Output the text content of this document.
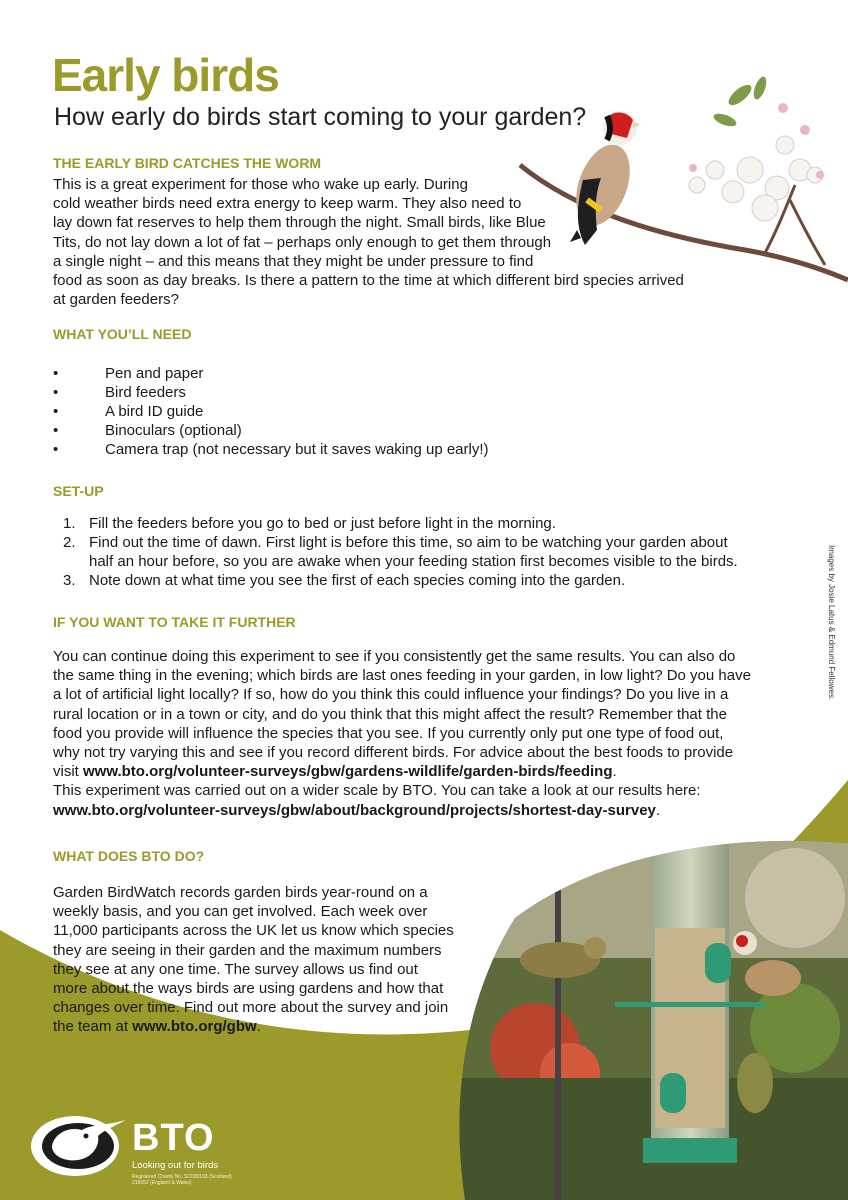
Early birds
How early do birds start coming to your garden?
THE EARLY BIRD CATCHES THE WORM

This is a great experiment for those who wake up early. During
cold weather birds need extra energy to keep warm. They also need to
lay down fat reserves to help them through the night. Small birds, like Blue
Tits, do not lay down a lot of fat – perhaps only enough to get them through
a single night – and this means that they might be under pressure to find
food as soon as day breaks. Is there a pattern to the time at which different bird species arrived
at garden feeders?

WHAT YOU’LL NEED
• Pen and paper
• Bird feeders
• A bird ID guide
• Binoculars (optional)
• Camera trap (not necessary but it saves waking up early!)
SET-UP
1. Fill the feeders before you go to bed or just before light in the morning.
2. Find out the time of dawn. First light is before this time, so aim to be watching your garden about half an hour before, so you are awake when your feeding station first becomes visible to the birds.
3. Note down at what time you see the first of each species coming into the garden.
IF YOU WANT TO TAKE IT FURTHER

You can continue doing this experiment to see if you consistently get the same results. You can also do
the same thing in the evening; which birds are last ones feeding in your garden, in low light? Do you have
a lot of artificial light locally? If so, how do you think this could influence your findings? Do you live in a
rural location or in a town or city, and do you think that this might affect the result? Remember that the
food you provide will influence the species that you see. If you currently only put one type of food out,
why not try varying this and see if you record different birds. For advice about the best foods to provide
visit www.bto.org/volunteer-surveys/gbw/gardens-wildlife/garden-birds/feeding.
This experiment was carried out on a wider scale by BTO. You can take a look at our results here:
www.bto.org/volunteer-surveys/gbw/about/background/projects/shortest-day-survey.

WHAT DOES BTO DO?

Garden BirdWatch records garden birds year-round on a
weekly basis, and you can get involved. Each week over
11,000 participants across the UK let us know which species
they are seeing in their garden and the maximum numbers
they see at any one time. The survey allows us find out
more about the ways birds are using gardens and how that
changes over time. Find out more about the survey and join
the team at www.bto.org/gbw.

Images by Josie Latus & Edmund Fellowes.
BTO

Looking out for birds

Registered Charity No. SC039193 (Scotland)
216652 (England & Wales)
